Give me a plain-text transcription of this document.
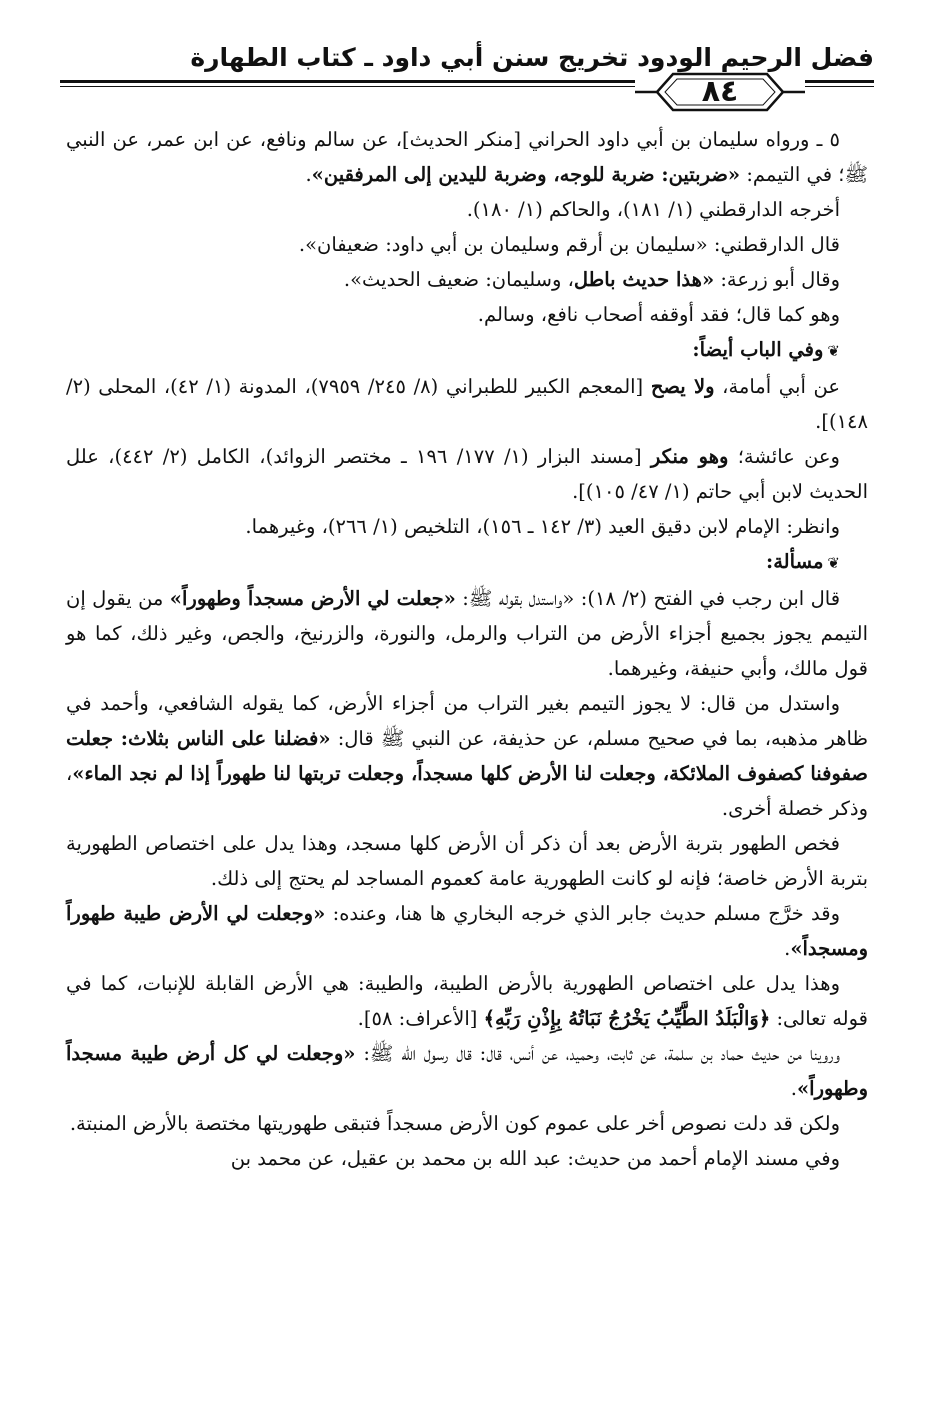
فضل الرحيم الودود تخريج سنن أبي داود ـ كتاب الطهارة
٨٤

٥ ـ ورواه سليمان بن أبي داود الحراني [منكر الحديث]، عن سالم ونافع، عن ابن عمر، عن النبي ﷺ؛ في التيمم: «ضربتين: ضربة للوجه، وضربة لليدين إلى المرفقين».

أخرجه الدارقطني (١/ ١٨١)، والحاكم (١/ ١٨٠).

قال الدارقطني: «سليمان بن أرقم وسليمان بن أبي داود: ضعيفان».

وقال أبو زرعة: «هذا حديث باطل، وسليمان: ضعيف الحديث».

وهو كما قال؛ فقد أوقفه أصحاب نافع، وسالم.

❦وفي الباب أيضاً:

عن أبي أمامة، ولا يصح [المعجم الكبير للطبراني (٨/ ٢٤٥/ ٧٩٥٩)، المدونة (١/ ٤٢)، المحلى (٢/ ١٤٨)].

وعن عائشة؛ وهو منكر [مسند البزار (١/ ١٧٧/ ١٩٦ ـ مختصر الزوائد)، الكامل (٢/ ٤٤٢)، علل الحديث لابن أبي حاتم (١/ ٤٧/ ١٠٥)].

وانظر: الإمام لابن دقيق العيد (٣/ ١٤٢ ـ ١٥٦)، التلخيص (١/ ٢٦٦)، وغيرهما.

❦مسألة:

قال ابن رجب في الفتح (٢/ ١٨): «واستدل بقوله ﷺ: «جعلت لي الأرض مسجداً وطهوراً» من يقول إن التيمم يجوز بجميع أجزاء الأرض من التراب والرمل، والنورة، والزرنيخ، والجص، وغير ذلك، كما هو قول مالك، وأبي حنيفة، وغيرهما.

واستدل من قال: لا يجوز التيمم بغير التراب من أجزاء الأرض، كما يقوله الشافعي، وأحمد في ظاهر مذهبه، بما في صحيح مسلم، عن حذيفة، عن النبي ﷺ قال: «فضلنا على الناس بثلاث: جعلت صفوفنا كصفوف الملائكة، وجعلت لنا الأرض كلها مسجداً، وجعلت تربتها لنا طهوراً إذا لم نجد الماء»، وذكر خصلة أخرى.

فخص الطهور بتربة الأرض بعد أن ذكر أن الأرض كلها مسجد، وهذا يدل على اختصاص الطهورية بتربة الأرض خاصة؛ فإنه لو كانت الطهورية عامة كعموم المساجد لم يحتج إلى ذلك.

وقد خرَّج مسلم حديث جابر الذي خرجه البخاري ها هنا، وعنده: «وجعلت لي الأرض طيبة طهوراً ومسجداً».

وهذا يدل على اختصاص الطهورية بالأرض الطيبة، والطيبة: هي الأرض القابلة للإنبات، كما في قوله تعالى: ﴿وَالْبَلَدُ الطَّيِّبُ يَخْرُجُ نَبَاتُهُ بِإِذْنِ رَبِّهِ﴾ [الأعراف: ٥٨].

وروينا من حديث حماد بن سلمة، عن ثابت، وحميد، عن أنس، قال: قال رسول الله ﷺ: «وجعلت لي كل أرض طيبة مسجداً وطهوراً».

ولكن قد دلت نصوص أخر على عموم كون الأرض مسجداً فتبقى طهوريتها مختصة بالأرض المنبتة.

وفي مسند الإمام أحمد من حديث: عبد الله بن محمد بن عقيل، عن محمد بن
